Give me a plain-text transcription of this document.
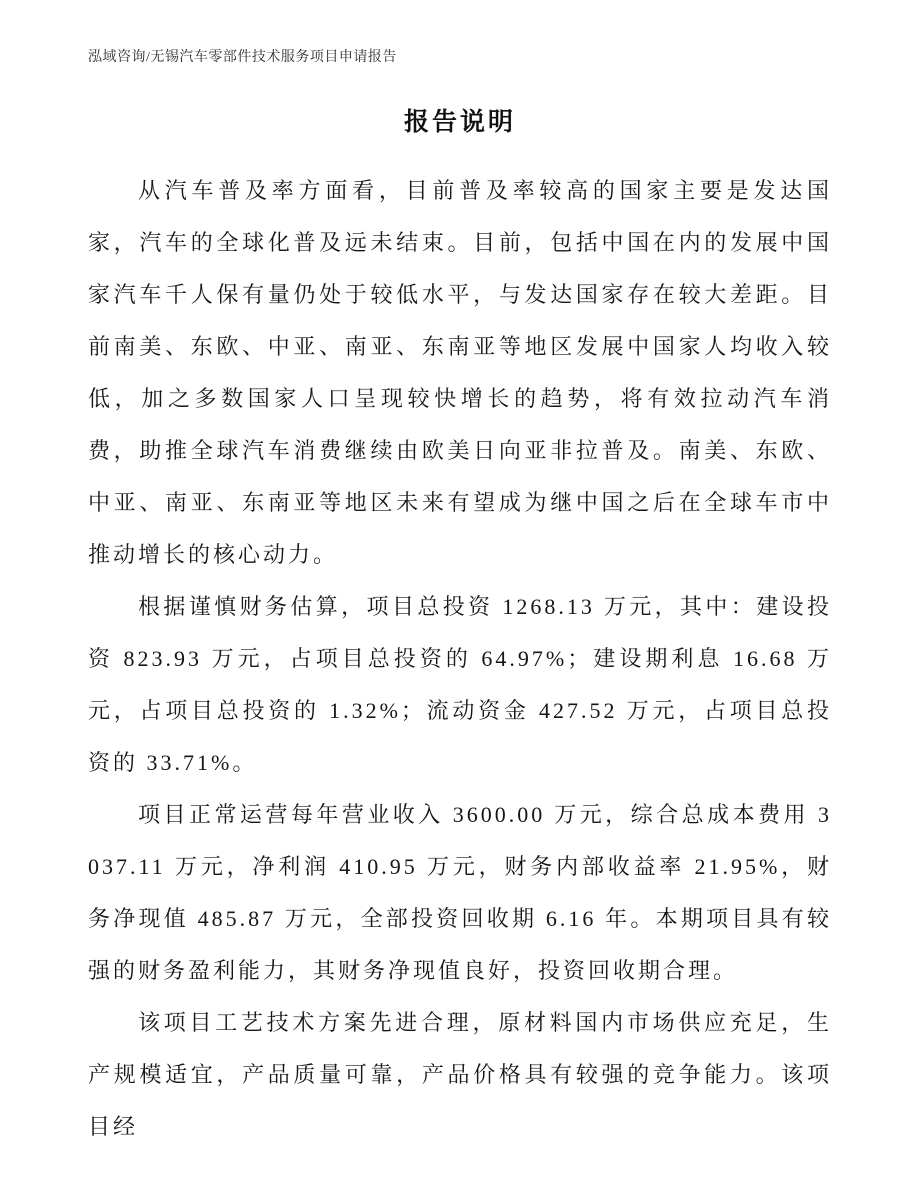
泓域咨询/无锡汽车零部件技术服务项目申请报告
报告说明

从汽车普及率方面看，目前普及率较高的国家主要是发达国家，汽车的全球化普及远未结束。目前，包括中国在内的发展中国家汽车千人保有量仍处于较低水平，与发达国家存在较大差距。目前南美、东欧、中亚、南亚、东南亚等地区发展中国家人均收入较低，加之多数国家人口呈现较快增长的趋势，将有效拉动汽车消费，助推全球汽车消费继续由欧美日向亚非拉普及。南美、东欧、中亚、南亚、东南亚等地区未来有望成为继中国之后在全球车市中推动增长的核心动力。

根据谨慎财务估算，项目总投资 1268.13 万元，其中：建设投资 823.93 万元，占项目总投资的 64.97%；建设期利息 16.68 万元，占项目总投资的 1.32%；流动资金 427.52 万元，占项目总投资的 33.71%。

项目正常运营每年营业收入 3600.00 万元，综合总成本费用 3037.11 万元，净利润 410.95 万元，财务内部收益率 21.95%，财务净现值 485.87 万元，全部投资回收期 6.16 年。本期项目具有较强的财务盈利能力，其财务净现值良好，投资回收期合理。

该项目工艺技术方案先进合理，原材料国内市场供应充足，生产规模适宜，产品质量可靠，产品价格具有较强的竞争能力。该项目经
